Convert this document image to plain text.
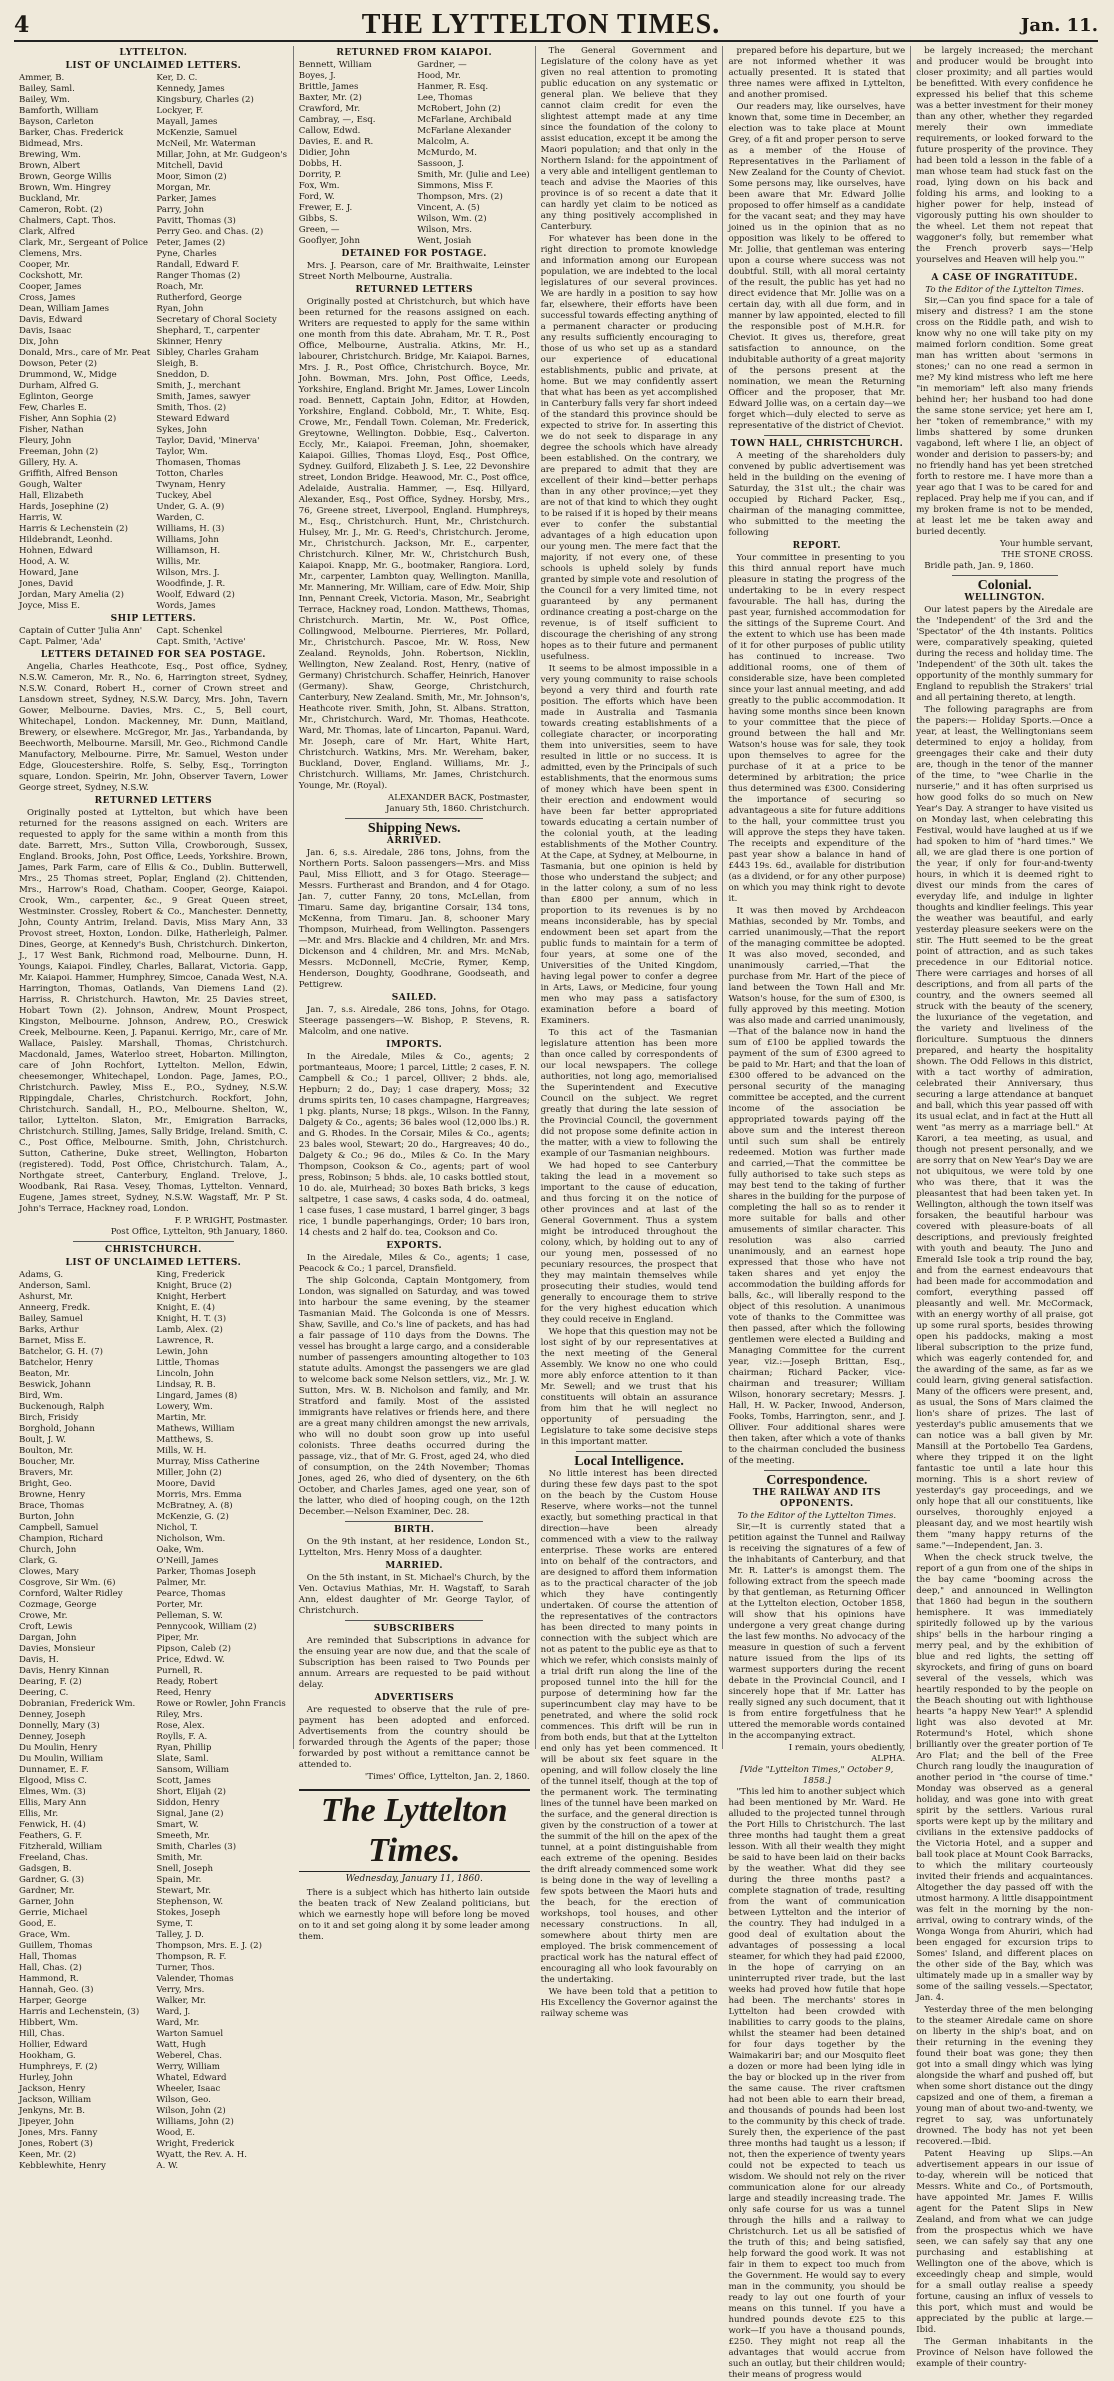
4	THE LYTTELTON TIMES.	Jan. 11.
LYTTELTON.
LIST OF UNCLAIMED LETTERS.
Ammer, B.
Bailey, Saml.
Bailey, Wm.
Bamforth, William
Bayson, Carleton
Barker, Chas. Frederick
Bidmead, Mrs.
Brewing, Wm.
Brown, Albert
Brown, George Willis
Brown, Wm. Hingrey
Buckland, Mr.
Cameron, Robt. (2)
Chalmers, Capt. Thos.
Clark, Alfred
Clark, Mr., Sergeant of Police
Clemens, Mrs.
Cooper, Mr.
Cockshott, Mr.
Cooper, James
Cross, James
Dean, William James
Davis, Edward
Davis, Isaac
Dix, John
Donald, Mrs., care of Mr. Peat
Dowson, Peter (2)
Drummond, W., Midge
Durham, Alfred G.
Eglinton, George
Few, Charles E.
Fisher, Ann Sophia (2)
Fisher, Nathan
Fleury, John
Freeman, John (2)
Gillery, Hy. A.
Griffith, Alfred Benson
Gough, Walter
Hall, Elizabeth
Hards, Josephine (2)
Harris, W.
Harris & Lechenstein (2)
Hildebrandt, Leonhd.
Hohnen, Edward
Hood, A. W.
Howard, Jane
Jones, David
Jordan, Mary Amelia (2)
Joyce, Miss E.
Ker, D. C.
Kennedy, James
Kingsbury, Charles (2)
Lockyer, F.
Mayall, James
McKenzie, Samuel
McNeil, Mr. Waterman
Millar, John, at Mr. Gudgeon's
Mitchell, David
Moor, Simon (2)
Morgan, Mr.
Parker, James
Parry, John
Pavitt, Thomas (3)
Perry Geo. and Chas. (2)
Peter, James (2)
Pyne, Charles
Randall, Edward F.
Ranger Thomas (2)
Roach, Mr.
Rutherford, George
Ryan, John
Secretary of Choral Society
Shephard, T., carpenter
Skinner, Henry
Sibley, Charles Graham
Sleigh, B.
Sneddon, D.
Smith, J., merchant
Smith, James, sawyer
Smith, Thos. (2)
Steward Edward
Sykes, John
Taylor, David, 'Minerva'
Taylor, Wm.
Thomasen, Thomas
Totton, Charles
Twynam, Henry
Tuckey, Abel
Under, G. A. (9)
Warden, C.
Williams, H. (3)
Williams, John
Williamson, H.
Willis, Mr.
Wilson, Mrs. J.
Woodfinde, J. R.
Woolf, Edward (2)
Words, James
SHIP LETTERS.
Captain of Cutter 'Julia Ann'
Capt. Palmer, 'Ada'
Capt. Schenkel
Capt. Smith, 'Active'
LETTERS DETAINED FOR SEA POSTAGE.
Angelia, Charles Heathcote, Esq., Post office, Sydney, N.S.W. Cameron, Mr. R., No. 6, Harrington street, Sydney, N.S.W. Conard, Robert H., corner of Crown street and Lansdown street, Sydney, N.S.W. Darcy, Mrs. John, Tavern Gower, Melbourne. Davies, Mrs. C., 5, Bell court, Whitechapel, London. Mackenney, Mr. Dunn, Maitland, Brewery, or elsewhere. McGregor, Mr. Jas., Yarbandanda, by Beechworth, Melbourne. Marsill, Mr. Geo., Richmond Candle Manufactory, Melbourne. Pirre, Mr. Samuel, Weston under Edge, Gloucestershire. Rolfe, S. Selby, Esq., Torrington square, London. Speirin, Mr. John, Observer Tavern, Lower George street, Sydney, N.S.W.
RETURNED LETTERS
Originally posted at Lyttelton, but which have been returned for the reasons assigned on each. Writers are requested to apply for the same within a month from this date. Barrett, Mrs., Sutton Villa, Crowborough, Sussex, England. Brooks, John, Post Office, Leeds, Yorkshire. Brown, James, Park Farm, care of Ellis & Co., Dublin. Butterwell, Mrs., 25 Thomas street, Poplar, England (2). Chittenden, Mrs., Harrow's Road, Chatham. Cooper, George, Kaiapoi. Crook, Wm., carpenter, &c., 9 Great Queen street, Westminster. Crossley, Robert & Co., Manchester. Dennetty, John, County Antrim, Ireland. Davis, Miss Mary Ann, 33 Provost street, Hoxton, London. Dilke, Hatherleigh, Palmer. Dines, George, at Kennedy's Bush, Christchurch. Dinkerton, J., 17 West Bank, Richmond road, Melbourne. Dunn, H. Youngs, Kaiapoi. Findley, Charles, Ballarat, Victoria. Gapp, Mr. Kaiapoi. Hammer, Humphrey, Simcoe, Canada West, N.A. Harrington, Thomas, Oatlands, Van Diemens Land (2). Harriss, R. Christchurch. Hawton, Mr. 25 Davies street, Hobart Town (2). Johnson, Andrew, Mount Prospect, Kingston, Melbourne. Johnson, Andrew, P.O., Creswick Creek, Melbourne. Keen, J. Papanui. Kerrigo, Mr., care of Mr. Wallace, Paisley. Marshall, Thomas, Christchurch. Macdonald, James, Waterloo street, Hobarton. Millington, care of John Rochfort, Lyttelton. Mellon, Edwin, cheesemonger, Whitechapel, London. Page, James, P.O., Christchurch. Pawley, Miss E., P.O., Sydney, N.S.W. Rippingdale, Charles, Christchurch. Rockfort, John, Christchurch. Sandall, H., P.O., Melbourne. Shelton, W., tailor, Lyttelton. Slaton, Mr., Emigration Barracks, Christchurch. Stilling, James, Sally Bridge, Ireland. Smith, C. C., Post Office, Melbourne. Smith, John, Christchurch. Sutton, Catherine, Duke street, Wellington, Hobarton (registered). Todd, Post Office, Christchurch. Talam, A., Northgate street, Canterbury, England. Trelove, J., Woodbank, Rai Rasa. Vesey, Thomas, Lyttelton. Vennard, Eugene, James street, Sydney, N.S.W. Wagstaff, Mr. P St. John's Terrace, Hackney road, London.
F. P. WRIGHT, Postmaster.
Post Office, Lyttelton, 9th January, 1860.
CHRISTCHURCH.
LIST OF UNCLAIMED LETTERS.
Adams, G.
Anderson, Saml.
Ashurst, Mr.
Anneerg, Fredk.
Bailey, Samuel
Barks, Arthur
Barnet, Miss E.
Batchelor, G. H. (7)
Batchelor, Henry
Beaton, Mr.
Beswick, Johann
Bird, Wm.
Buckenough, Ralph
Birch, Frisidy
Borghold, Johann
Boult, J. W.
Boulton, Mr.
Boucher, Mr.
Bravers, Mr.
Bright, Geo.
Browne, Henry
Brace, Thomas
Burton, John
Campbell, Samuel
Champion, Richard
Church, John
Clark, G.
Clowes, Mary
Cosgrove, Sir Wm. (6)
Cornford, Walter Ridley
Cozmage, George
Crowe, Mr.
Croft, Lewis
Dargan, John
Davies, Monsieur
Davis, H.
Davis, Henry Kinnan
Dearing, F. (2)
Deering, C.
Dobranian, Frederick Wm.
Denney, Joseph
Donnelly, Mary (3)
Denney, Joseph
Du Moulin, Henry
Du Moulin, William
Dunnamer, E. F.
Elgood, Miss C.
Elmes, Wm. (3)
Ellis, Mary Ann
Ellis, Mr.
Fenwick, H. (4)
Feathers, G. F.
Fitzherald, William
Freeland, Chas.
Gadsgen, B.
Gardner, G. (3)
Gardner, Mr.
Garner, John
Gerrie, Michael
Good, E.
Grace, Wm.
Guillem, Thomas
Hall, Thomas
Hall, Chas. (2)
Hammond, R.
Hannah, Geo. (3)
Harper, George
Harris and Lechenstein, (3)
Hibbert, Wm.
Hill, Chas.
Hollier, Edward
Hookham, G.
Humphreys, F. (2)
Hurley, John
Jackson, Henry
Jackson, William
Jenkyns, Mr. B.
Jipeyer, John
Jones, Mrs. Fanny
Jones, Robert (3)
Keen, Mr. (2)
Kebblewhite, Henry
King, Frederick
Knight, Bruce (2)
Knight, Herbert
Knight, E. (4)
Knight, H. T. (3)
Lamb, Alex. (2)
Lawrence, R.
Lewin, John
Little, Thomas
Lincoln, John
Lindsay, R. B.
Lingard, James (8)
Lowery, Wm.
Martin, Mr.
Mathews, William
Matthews, S.
Mills, W. H.
Murray, Miss Catherine
Miller, John (2)
Moore, David
Morris, Mrs. Emma
McBratney, A. (8)
McKenzie, G. (2)
Nichol, T.
Nicholson, Wm.
Oake, Wm.
O'Neill, James
Parker, Thomas Joseph
Palmer, Mr.
Pearce, Thomas
Porter, Mr.
Pelleman, S. W.
Pennycook, William (2)
Piper, Mr.
Pipson, Caleb (2)
Price, Edwd. W.
Purnell, R.
Ready, Robert
Reed, Henry
Rowe or Rowler, John Francis
Riley, Mrs.
Rose, Alex.
Roylls, F. A.
Ryan, Phillip
Slate, Saml.
Sansom, William
Scott, James
Short, Elijah (2)
Siddon, Henry
Signal, Jane (2)
Smart, W.
Smeeth, Mr.
Smith, Charles (3)
Smith, Mr.
Snell, Joseph
Spain, Mr.
Stewart, Mr.
Stephenson, W.
Stokes, Joseph
Syme, T.
Talley, J. D.
Thompson, Mrs. E. J. (2)
Thompson, R. F.
Turner, Thos.
Valender, Thomas
Verry, Mrs.
Walker, Mr.
Ward, J.
Ward, Mr.
Warton Samuel
Watt, Hugh
Weberel, Chas.
Werry, William
Whatel, Edward
Wheeler, Isaac
Wilson, Geo.
Wilson, John (2)
Williams, John (2)
Wood, E.
Wright, Frederick
Wyatt, the Rev. A. H.
A. W.
RETURNED FROM KAIAPOI.
Bennett, William
Boyes, J.
Brittle, James
Baxter, Mr. (2)
Crawford, Mr.
Cambray, —, Esq.
Callow, Edwd.
Davies, E. and R.
Didier, John
Dobbs, H.
Dorrity, P.
Fox, Wm.
Ford, W.
Frewer, E. J.
Gibbs, S.
Green, —
Gooflyer, John
Gardner, —
Hood, Mr.
Hanmer, R. Esq.
Lee, Thomas
McRobert, John (2)
McFarlane, Archibald
McFarlane Alexander
Malcolm, A.
McMurdo, M.
Sassoon, J.
Smith, Mr. (Julie and Lee)
Simmons, Miss F.
Thompson, Mrs. (2)
Vincent, A. (5)
Wilson, Wm. (2)
Wilson, Mrs.
Went, Josiah
DETAINED FOR POSTAGE.
Mrs. J. Pearson, care of Mr. Braithwaite, Leinster Street North Melbourne, Australia.
RETURNED LETTERS
Originally posted at Christchurch, but which have been returned for the reasons assigned on each. Writers are requested to apply for the same within one month from this date. Abraham, Mr. T. R., Post Office, Melbourne, Australia. Atkins, Mr. H., labourer, Christchurch. Bridge, Mr. Kaiapoi. Barnes, Mrs. J. R., Post Office, Christchurch. Boyce, Mr. John. Bowman, Mrs. John, Post Office, Leeds, Yorkshire, England. Bright Mr. James, Lower Lincoln road. Bennett, Captain John, Editor, at Howden, Yorkshire, England. Cobbold, Mr., T. White, Esq. Crowe, Mr., Fendall Town. Coleman, Mr. Frederick, Greytowne, Wellington. Dobbie, Esq., Calverton. Eccly, Mr., Kaiapoi. Freeman, John, shoemaker, Kaiapoi. Gillies, Thomas Lloyd, Esq., Post Office, Sydney. Guilford, Elizabeth J. S. Lee, 22 Devonshire street, London Bridge. Heawood, Mr. C., Post office, Adelaide, Australia. Hammer, —, Esq. Hillyard, Alexander, Esq., Post Office, Sydney. Horsby, Mrs., 76, Greene street, Liverpool, England. Humphreys, M., Esq., Christchurch. Hunt, Mr., Christchurch. Hulsey, Mr. J., Mr. G. Reed's, Christchurch. Jerome, Mr., Christchurch. Jackson, Mr. E., carpenter, Christchurch. Kilner, Mr. W., Christchurch Bush, Kaiapoi. Knapp, Mr. G., bootmaker, Rangiora. Lord, Mr., carpenter, Lambton quay, Wellington. Manilla, Mr. Mannering, Mr. William, care of Edw. Moir, Ship Inn, Pennant Creek, Victoria. Mason, Mr., Seabright Terrace, Hackney road, London. Matthews, Thomas, Christchurch. Martin, Mr. W., Post Office, Collingwood, Melbourne. Pierrieres, Mr. Pollard, Mr., Christchurch. Pascoe, Mr. W. Ross, New Zealand. Reynolds, John. Robertson, Nicklin, Wellington, New Zealand. Rost, Henry, (native of Germany) Christchurch. Schaffer, Heinrich, Hanover (Germany). Shaw, George, Christchurch, Canterbury, New Zealand. Smith, Mr., Mr. Johnson's, Heathcote river. Smith, John, St. Albans. Stratton, Mr., Christchurch. Ward, Mr. Thomas, Heathcote. Ward, Mr. Thomas, late of Lincarton, Papanui. Ward, Mr. Joseph, care of Mr. Hart, White Hart, Christchurch. Watkins, Mrs. Mr. Wereham, baker, Buckland, Dover, England. Williams, Mr. J., Christchurch. Williams, Mr. James, Christchurch. Younge, Mr. (Royal).
ALEXANDER BACK, Postmaster,
January 5th, 1860. Christchurch.
Shipping News.
ARRIVED.
Jan. 6, s.s. Airedale, 286 tons, Johns, from the Northern Ports. Saloon passengers—Mrs. and Miss Paul, Miss Elliott, and 3 for Otago. Steerage—Messrs. Furtherast and Brandon, and 4 for Otago. Jan. 7, cutter Fanny, 20 tons, McLellan, from Timaru. Same day, brigantine Corsair, 134 tons, McKenna, from Timaru. Jan. 8, schooner Mary Thompson, Muirhead, from Wellington. Passengers—Mr. and Mrs. Blackie and 4 children, Mr. and Mrs. Dickenson and 4 children, Mr. and Mrs. McNab, Messrs. McDonnell, McCrie, Rymer, Kemp, Henderson, Doughty, Goodhrane, Goodseath, and Pettigrew.
SAILED.
Jan. 7, s.s. Airedale, 286 tons, Johns, for Otago. Steerage passengers—W. Bishop, P. Stevens, R. Malcolm, and one native.
IMPORTS.
In the Airedale, Miles & Co., agents; 2 portmanteaus, Moore; 1 parcel, Little; 2 cases, F. N. Campbell & Co.; 1 parcel, Olliver; 2 bhds. ale, Hepburn; 2 do., Day; 1 case drapery, Moss; 32 drums spirits ten, 10 cases champagne, Hargreaves; 1 pkg. plants, Nurse; 18 pkgs., Wilson. In the Fanny, Dalgety & Co., agents; 36 bales wool (12,000 lbs.) R. and G. Rhodes. In the Corsair, Miles & Co., agents; 23 bales wool, Stewart; 20 do., Hargreaves; 40 do., Dalgety & Co.; 96 do., Miles & Co. In the Mary Thompson, Cookson & Co., agents; part of wool press, Robinson; 5 bhds. ale, 10 casks bottled stout, 10 do. ale, Muirhead; 30 boxes Bath bricks, 3 kegs saltpetre, 1 case saws, 4 casks soda, 4 do. oatmeal, 1 case fuses, 1 case mustard, 1 barrel ginger, 3 bags rice, 1 bundle paperhangings, Order; 10 bars iron, 14 chests and 2 half do. tea, Cookson and Co.
EXPORTS.
In the Airedale, Miles & Co., agents; 1 case, Peacock & Co.; 1 parcel, Dransfield.
The ship Golconda, Captain Montgomery, from London, was signalled on Saturday, and was towed into harbour the same evening, by the steamer Tasmanian Maid. The Golconda is one of Messrs. Shaw, Saville, and Co.'s line of packets, and has had a fair passage of 110 days from the Downs. The vessel has brought a large cargo, and a considerable number of passengers amounting altogether to 103 statute adults. Amongst the passengers we are glad to welcome back some Nelson settlers, viz., Mr. J. W. Sutton, Mrs. W. B. Nicholson and family, and Mr. Stratford and family. Most of the assisted immigrants have relatives or friends here, and there are a great many children amongst the new arrivals, who will no doubt soon grow up into useful colonists. Three deaths occurred during the passage, viz., that of Mr. G. Frost, aged 24, who died of consumption, on the 24th November; Thomas Jones, aged 26, who died of dysentery, on the 6th October, and Charles James, aged one year, son of the latter, who died of hooping cough, on the 12th December.—Nelson Examiner, Dec. 28.
BIRTH.
On the 9th instant, at her residence, London St., Lyttelton, Mrs. Henry Moss of a daughter.
MARRIED.
On the 5th instant, in St. Michael's Church, by the Ven. Octavius Mathias, Mr. H. Wagstaff, to Sarah Ann, eldest daughter of Mr. George Taylor, of Christchurch.
SUBSCRIBERS
Are reminded that Subscriptions in advance for the ensuing year are now due, and that the scale of Subscription has been raised to Two Pounds per annum. Arrears are requested to be paid without delay.
ADVERTISERS
Are requested to observe that the rule of pre-payment has been adopted and enforced. Advertisements from the country should be forwarded through the Agents of the paper; those forwarded by post without a remittance cannot be attended to.
'Times' Office, Lyttelton, Jan. 2, 1860.
The Lyttelton Times.
Wednesday, January 11, 1860.
There is a subject which has hitherto lain outside the beaten track of New Zealand politicians, but which we earnestly hope will before long be moved on to it and set going along it by some leader among them.
The General Government and Legislature of the colony have as yet given no real attention to promoting public education on any systematic or general plan. We believe that they cannot claim credit for even the slightest attempt made at any time since the foundation of the colony to assist education, except it be among the Maori population; and that only in the Northern Island: for the appointment of a very able and intelligent gentleman to teach and advise the Maories of this province is of so recent a date that it can hardly yet claim to be noticed as any thing positively accomplished in Canterbury.
For whatever has been done in the right direction to promote knowledge and information among our European population, we are indebted to the local legislatures of our several provinces. We are hardly in a position to say how far, elsewhere, their efforts have been successful towards effecting anything of a permanent character or producing any results sufficiently encouraging to those of us who set up as a standard our experience of educational establishments, public and private, at home. But we may confidently assert that what has been as yet accomplished in Canterbury falls very far short indeed of the standard this province should be expected to strive for. In asserting this we do not seek to disparage in any degree the schools which have already been established. On the contrary, we are prepared to admit that they are excellent of their kind—better perhaps than in any other province;—yet they are not of that kind to which they ought to be raised if it is hoped by their means ever to confer the substantial advantages of a high education upon our young men. The mere fact that the majority, if not every one, of these schools is upheld solely by funds granted by simple vote and resolution of the Council for a very limited time, not guaranteed by any permanent ordinance creating a post-charge on the revenue, is of itself sufficient to discourage the cherishing of any strong hopes as to their future and permanent usefulness.
It seems to be almost impossible in a very young community to raise schools beyond a very third and fourth rate position. The efforts which have been made in Australia and Tasmania towards creating establishments of a collegiate character, or incorporating them into universities, seem to have resulted in little or no success. It is admitted, even by the Principals of such establishments, that the enormous sums of money which have been spent in their erection and endowment would have been far better appropriated towards educating a certain number of the colonial youth, at the leading establishments of the Mother Country. At the Cape, at Sydney, at Melbourne, in Tasmania, but one opinion is held by those who understand the subject; and in the latter colony, a sum of no less than £800 per annum, which in proportion to its revenues is by no means inconsiderable, has by special endowment been set apart from the public funds to maintain for a term of four years, at some one of the Universities of the United Kingdom, having legal power to confer a degree in Arts, Laws, or Medicine, four young men who may pass a satisfactory examination before a board of Examiners.
To this act of the Tasmanian legislature attention has been more than once called by correspondents of our local newspapers. The college authorities, not long ago, memorialised the Superintendent and Executive Council on the subject. We regret greatly that during the late session of the Provincial Council, the government did not propose some definite action in the matter, with a view to following the example of our Tasmanian neighbours.
We had hoped to see Canterbury taking the lead in a movement so important to the cause of education, and thus forcing it on the notice of other provinces and at last of the General Government. Thus a system might be introduced throughout the colony, which, by holding out to any of our young men, possessed of no pecuniary resources, the prospect that they may maintain themselves while prosecuting their studies, would tend generally to encourage them to strive for the very highest education which they could receive in England.
We hope that this question may not be lost sight of by our representatives at the next meeting of the General Assembly. We know no one who could more ably enforce attention to it than Mr. Sewell; and we trust that his constituents will obtain an assurance from him that he will neglect no opportunity of persuading the Legislature to take some decisive steps in this important matter.
Local Intelligence.
No little interest has been directed during these few days past to the spot on the beach by the Custom House Reserve, where works—not the tunnel exactly, but something practical in that direction—have been already commenced with a view to the railway enterprise. These works are entered into on behalf of the contractors, and are designed to afford them information as to the practical character of the job which they have contingently undertaken. Of course the attention of the representatives of the contractors has been directed to many points in connection with the subject which are not as patent to the public eye as that to which we refer, which consists mainly of a trial drift run along the line of the proposed tunnel into the hill for the purpose of determining how far the superincumbent clay may have to be penetrated, and where the solid rock commences. This drift will be run in from both ends, but that at the Lyttelton end only has yet been commenced. It will be about six feet square in the opening, and will follow closely the line of the tunnel itself, though at the top of the permanent work. The terminating lines of the tunnel have been marked on the surface, and the general direction is given by the construction of a tower at the summit of the hill on the apex of the tunnel, at a point distinguishable from each extreme of the opening. Besides the drift already commenced some work is being done in the way of levelling a few spots between the Maori huts and the beach, for the erection of workshops, tool houses, and other necessary constructions. In all, somewhere about thirty men are employed. The brisk commencement of practical work has the natural effect of encouraging all who look favourably on the undertaking.
We have been told that a petition to His Excellency the Governor against the railway scheme was
prepared before his departure, but we are not informed whether it was actually presented. It is stated that three names were affixed in Lyttelton, and another promised.
Our readers may, like ourselves, have known that, some time in December, an election was to take place at Mount Grey, of a fit and proper person to serve as a member of the House of Representatives in the Parliament of New Zealand for the County of Cheviot. Some persons may, like ourselves, have been aware that Mr. Edward Jollie proposed to offer himself as a candidate for the vacant seat; and they may have joined us in the opinion that as no opposition was likely to be offered to Mr. Jollie, that gentleman was entering upon a course where success was not doubtful. Still, with all moral certainty of the result, the public has yet had no direct evidence that Mr. Jollie was on a certain day, with all due form, and in manner by law appointed, elected to fill the responsible post of M.H.R. for Cheviot. It gives us, therefore, great satisfaction to announce, on the indubitable authority of a great majority of the persons present at the nomination, we mean the Returning Officer and the proposer, that Mr. Edward Jollie was, on a certain day—we forget which—duly elected to serve as representative of the district of Cheviot.
TOWN HALL, CHRISTCHURCH.
A meeting of the shareholders duly convened by public advertisement was held in the building on the evening of Saturday, the 31st ult.; the chair was occupied by Richard Packer, Esq., chairman of the managing committee, who submitted to the meeting the following
REPORT.
Your committee in presenting to you this third annual report have much pleasure in stating the progress of the undertaking to be in every respect favourable. The hall has, during the past year, furnished accommodation for the sittings of the Supreme Court. And the extent to which use has been made of it for other purposes of public utility has continued to increase. Two additional rooms, one of them of considerable size, have been completed since your last annual meeting, and add greatly to the public accommodation. It having some months since been known to your committee that the piece of ground between the hall and Mr. Watson's house was for sale, they took upon themselves to agree for the purchase of it at a price to be determined by arbitration; the price thus determined was £300. Considering the importance of securing so advantageous a site for future additions to the hall, your committee trust you will approve the steps they have taken. The receipts and expenditure of the past year show a balance in hand of £443 19s. 6d., available for distribution (as a dividend, or for any other purpose) on which you may think right to devote it.
It was then moved by Archdeacon Mathias, seconded by Mr. Tombs, and carried unanimously,—That the report of the managing committee be adopted. It was also moved, seconded, and unanimously carried,—That the purchase from Mr. Hart of the piece of land between the Town Hall and Mr. Watson's house, for the sum of £300, is fully approved by this meeting. Motion was also made and carried unanimously,—That of the balance now in hand the sum of £100 be applied towards the payment of the sum of £300 agreed to be paid to Mr. Hart; and that the loan of £300 offered to be advanced on the personal security of the managing committee be accepted, and the current income of the association be appropriated towards paying off the above sum and the interest thereon until such sum shall be entirely redeemed. Motion was further made and carried,—That the committee be fully authorised to take such steps as may best tend to the taking of further shares in the building for the purpose of completing the hall so as to render it more suitable for balls and other amusements of similar character. This resolution was also carried unanimously, and an earnest hope expressed that those who have not taken shares and yet enjoy the accommodation the building affords for balls, &c., will liberally respond to the object of this resolution. A unanimous vote of thanks to the Committee was then passed, after which the following gentlemen were elected a Building and Managing Committee for the current year, viz.:—Joseph Brittan, Esq., chairman; Richard Packer, vice-chairman and treasurer; William Wilson, honorary secretary; Messrs. J. Hall, H. W. Packer, Inwood, Anderson, Fooks, Tombs, Harrington, senr., and J. Olliver. Four additional shares were then taken, after which a vote of thanks to the chairman concluded the business of the meeting.
Correspondence.
THE RAILWAY AND ITS OPPONENTS.
To the Editor of the Lyttelton Times.
Sir,—It is currently stated that a petition against the Tunnel and Railway is receiving the signatures of a few of the inhabitants of Canterbury, and that Mr. R. Latter's is amongst them. The following extract from the speech made by that gentleman, as Returning Officer at the Lyttelton election, October 1858, will show that his opinions have undergone a very great change during the last few months. No advocacy of the measure in question of such a fervent nature issued from the lips of its warmest supporters during the recent debate in the Provincial Council, and I sincerely hope that if Mr. Latter has really signed any such document, that it is from entire forgetfulness that he uttered the memorable words contained in the accompanying extract.
I remain, yours obediently,
ALPHA.
[Vide "Lyttelton Times," October 9, 1858.]
"This led him to another subject which had been mentioned by Mr. Ward. He alluded to the projected tunnel through the Port Hills to Christchurch. The last three months had taught them a great lesson. With all their wealth they might be said to have been laid on their backs by the weather. What did they see during the three months past? a complete stagnation of trade, resulting from the want of communication between Lyttelton and the interior of the country. They had indulged in a good deal of exultation about the advantages of possessing a local steamer, for which they had paid £2000, in the hope of carrying on an uninterrupted river trade, but the last weeks had proved how futile that hope had been. The merchants' stores in Lyttelton had been crowded with inabilities to carry goods to the plains, whilst the steamer had been detained for four days together by the Waimakariri bar; and our Mosquito fleet a dozen or more had been lying idle in the bay or blocked up in the river from the same cause. The river craftsmen had not been able to earn their bread, and thousands of pounds had been lost to the community by this check of trade. Surely then, the experience of the past three months had taught us a lesson; if not, then the experience of twenty years could not be expected to teach us wisdom. We should not rely on the river communication alone for our already large and steadily increasing trade. The only safe course for us was a tunnel through the hills and a railway to Christchurch. Let us all be satisfied of the truth of this; and being satisfied, help forward the good work. It was not fair in them to expect too much from the Government. He would say to every man in the community, you should be ready to lay out one fourth of your means on this tunnel. If you have a hundred pounds devote £25 to this work—If you have a thousand pounds, £250. They might not reap all the advantages that would accrue from such an outlay, but their children would; their means of progress would
be largely increased; the merchant and producer would be brought into closer proximity; and all parties would be benefitted. With every confidence he expressed his belief that this scheme was a better investment for their money than any other, whether they regarded merely their own immediate requirements, or looked forward to the future prosperity of the province. They had been told a lesson in the fable of a man whose team had stuck fast on the road, lying down on his back and folding his arms, and looking to a higher power for help, instead of vigorously putting his own shoulder to the wheel. Let them not repeat that waggoner's folly, but remember what the French proverb says—'Help yourselves and Heaven will help you.'"
A CASE OF INGRATITUDE.
To the Editor of the Lyttelton Times.
Sir,—Can you find space for a tale of misery and distress? I am the stone cross on the Riddle path, and wish to know why no one will take pity on my maimed forlorn condition. Some great man has written about 'sermons in stones;' can no one read a sermon in me? My kind mistress who left me here "in memoriam" left also many friends behind her; her husband too had done the same stone service; yet here am I, her "token of remembrance," with my limbs shattered by some drunken vagabond, left where I lie, an object of wonder and derision to passers-by; and no friendly hand has yet been stretched forth to restore me. I have more than a year ago that I was to be cared for and replaced. Pray help me if you can, and if my broken frame is not to be mended, at least let me be taken away and buried decently.
Your humble servant,
THE STONE CROSS.
Bridle path, Jan. 9, 1860.
Colonial.
WELLINGTON.
Our latest papers by the Airedale are the 'Independent' of the 3rd and the 'Spectator' of the 4th instants. Politics were, comparatively speaking, quieted during the recess and holiday time. The 'Independent' of the 30th ult. takes the opportunity of the monthly summary for England to republish the Strakers' trial and all pertaining thereto, at length.
The following paragraphs are from the papers:— Holiday Sports.—Once a year, at least, the Wellingtonians seem determined to enjoy a holiday, from greengages their cake and their duty are, though in the tenor of the manner of the time, to "wee Charlie in the nurserie," and it has often surprised us how good folks do so much on New Year's Day. A stranger to have visited us on Monday last, when celebrating this Festival, would have laughed at us if we had spoken to him of "hard times." We all, we are glad there is one portion of the year, if only for four-and-twenty hours, in which it is deemed right to divest our minds from the cares of everyday life, and indulge in lighter thoughts and kindlier feelings. This year the weather was beautiful, and early yesterday pleasure seekers were on the stir. The Hutt seemed to be the great point of attraction, and as such takes precedence in our Editorial notice. There were carriages and horses of all descriptions, and from all parts of the country, and the owners seemed all struck with the beauty of the scenery, the luxuriance of the vegetation, and the variety and liveliness of the floriculture. Sumptuous the dinners prepared, and hearty the hospitality shown. The Odd Fellows in this district, with a tact worthy of admiration, celebrated their Anniversary, thus securing a large attendance at banquet and ball, which this year passed off with its usual eclat, and in fact at the Hutt all went "as merry as a marriage bell." At Karori, a tea meeting, as usual, and though not present personally, and we are sorry that on New Year's Day we are not ubiquitous, we were told by one who was there, that it was the pleasantest that had been taken yet. In Wellington, although the town itself was forsaken, the beautiful harbour was covered with pleasure-boats of all descriptions, and previously freighted with youth and beauty. The Juno and Emerald Isle took a trip round the bay, and from the earnest endeavours that had been made for accommodation and comfort, everything passed off pleasantly and well. Mr. McCormack, with an energy worthy of all praise, got up some rural sports, besides throwing open his paddocks, making a most liberal subscription to the prize fund, which was eagerly contended for, and the awarding of the same, as far as we could learn, giving general satisfaction. Many of the officers were present, and, as usual, the Sons of Mars claimed the lion's share of prizes. The last of yesterday's public amusements that we can notice was a ball given by Mr. Mansill at the Portobello Tea Gardens, where they tripped it on the light fantastic toe until a late hour this morning. This is a short review of yesterday's gay proceedings, and we only hope that all our constituents, like ourselves, thoroughly enjoyed a pleasant day, and we most heartily wish them "many happy returns of the same."—Independent, Jan. 3.
When the check struck twelve, the report of a gun from one of the ships in the bay came "booming across the deep," and announced in Wellington that 1860 had begun in the southern hemisphere. It was immediately spiritedly followed up by the various ships' bells in the harbour ringing a merry peal, and by the exhibition of blue and red lights, the setting off skyrockets, and firing of guns on board several of the vessels, which was heartily responded to by the people on the Beach shouting out with lighthouse hearts "a happy New Year!" A splendid light was also devoted at Mr. Rotermund's Hotel, which shone brilliantly over the greater portion of Te Aro Flat; and the bell of the Free Church rang loudly the inauguration of another period in "the course of time." Monday was observed as a general holiday, and was gone into with great spirit by the settlers. Various rural sports were kept up by the military and civilians in the extensive paddocks of the Victoria Hotel, and a supper and ball took place at Mount Cook Barracks, to which the military courteously invited their friends and acquaintances. Altogether the day passed off with the utmost harmony. A little disappointment was felt in the morning by the non-arrival, owing to contrary winds, of the Wonga Wonga from Ahuriri, which had been engaged for excursion trips to Somes' Island, and different places on the other side of the Bay, which was ultimately made up in a smaller way by some of the sailing vessels.—Spectator, Jan. 4.
Yesterday three of the men belonging to the steamer Airedale came on shore on liberty in the ship's boat, and on their returning in the evening they found their boat was gone; they then got into a small dingy which was lying alongside the wharf and pushed off, but when some short distance out the dingy capsized and one of them, a fireman a young man of about two-and-twenty, we regret to say, was unfortunately drowned. The body has not yet been recovered.—Ibid.
Patent Heaving up Slips.—An advertisement appears in our issue of to-day, wherein will be noticed that Messrs. White and Co., of Portsmouth, have appointed Mr. James F. Willis agent for the Patent Slips in New Zealand, and from what we can judge from the prospectus which we have seen, we can safely say that any one purchasing and establishing at Wellington one of the above, which is exceedingly cheap and simple, would for a small outlay realise a speedy fortune, causing an influx of vessels to this port, which must and would be appreciated by the public at large.—Ibid.
The German inhabitants in the Province of Nelson have followed the example of their country-
